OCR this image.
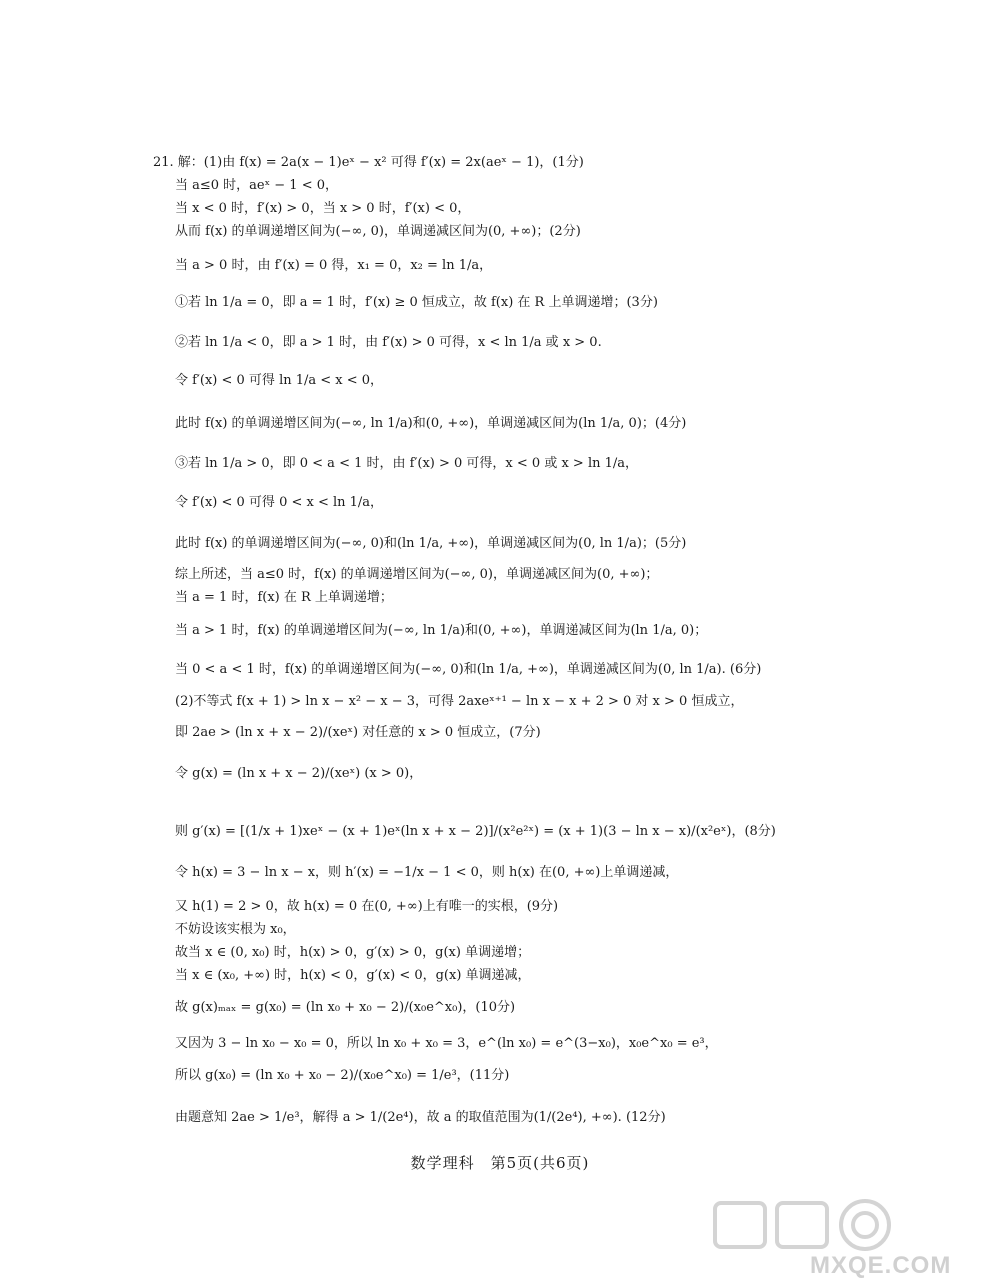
21. 解：(1)由 f(x) = 2a(x − 1)eˣ − x² 可得 f′(x) = 2x(aeˣ − 1)，(1分)
当 a≤0 时，aeˣ − 1 < 0，
当 x < 0 时，f′(x) > 0，当 x > 0 时，f′(x) < 0，
从而 f(x) 的单调递增区间为(−∞, 0)，单调递减区间为(0, +∞)；(2分)
当 a > 0 时，由 f′(x) = 0 得，x₁ = 0，x₂ = ln 1/a，
①若 ln 1/a = 0，即 a = 1 时，f′(x) ≥ 0 恒成立，故 f(x) 在 R 上单调递增；(3分)
②若 ln 1/a < 0，即 a > 1 时，由 f′(x) > 0 可得，x < ln 1/a 或 x > 0.
令 f′(x) < 0 可得 ln 1/a < x < 0，
此时 f(x) 的单调递增区间为(−∞, ln 1/a)和(0, +∞)，单调递减区间为(ln 1/a, 0)；(4分)
③若 ln 1/a > 0，即 0 < a < 1 时，由 f′(x) > 0 可得，x < 0 或 x > ln 1/a，
令 f′(x) < 0 可得 0 < x < ln 1/a，
此时 f(x) 的单调递增区间为(−∞, 0)和(ln 1/a, +∞)，单调递减区间为(0, ln 1/a)；(5分)
综上所述，当 a≤0 时，f(x) 的单调递增区间为(−∞, 0)，单调递减区间为(0, +∞)；
当 a = 1 时，f(x) 在 R 上单调递增；
当 a > 1 时，f(x) 的单调递增区间为(−∞, ln 1/a)和(0, +∞)，单调递减区间为(ln 1/a, 0)；
当 0 < a < 1 时，f(x) 的单调递增区间为(−∞, 0)和(ln 1/a, +∞)，单调递减区间为(0, ln 1/a). (6分)
(2)不等式 f(x + 1) > ln x − x² − x − 3，可得 2axeˣ⁺¹ − ln x − x + 2 > 0 对 x > 0 恒成立，
即 2ae > (ln x + x − 2)/(xeˣ) 对任意的 x > 0 恒成立，(7分)
令 g(x) = (ln x + x − 2)/(xeˣ) (x > 0)，
则 g′(x) = [(1/x + 1)xeˣ − (x + 1)eˣ(ln x + x − 2)]/(x²e²ˣ) = (x + 1)(3 − ln x − x)/(x²eˣ)，(8分)
令 h(x) = 3 − ln x − x，则 h′(x) = −1/x − 1 < 0，则 h(x) 在(0, +∞)上单调递减，
又 h(1) = 2 > 0，故 h(x) = 0 在(0, +∞)上有唯一的实根，(9分)
不妨设该实根为 x₀，
故当 x ∈ (0, x₀) 时，h(x) > 0，g′(x) > 0，g(x) 单调递增；
当 x ∈ (x₀, +∞) 时，h(x) < 0，g′(x) < 0，g(x) 单调递减，
故 g(x)ₘₐₓ = g(x₀) = (ln x₀ + x₀ − 2)/(x₀e^x₀)，(10分)
又因为 3 − ln x₀ − x₀ = 0，所以 ln x₀ + x₀ = 3，e^(ln x₀) = e^(3−x₀)，x₀e^x₀ = e³，
所以 g(x₀) = (ln x₀ + x₀ − 2)/(x₀e^x₀) = 1/e³，(11分)
由题意知 2ae > 1/e³，解得 a > 1/(2e⁴)，故 a 的取值范围为(1/(2e⁴), +∞). (12分)
数学理科　第5页(共6页)
MXQE.COM
